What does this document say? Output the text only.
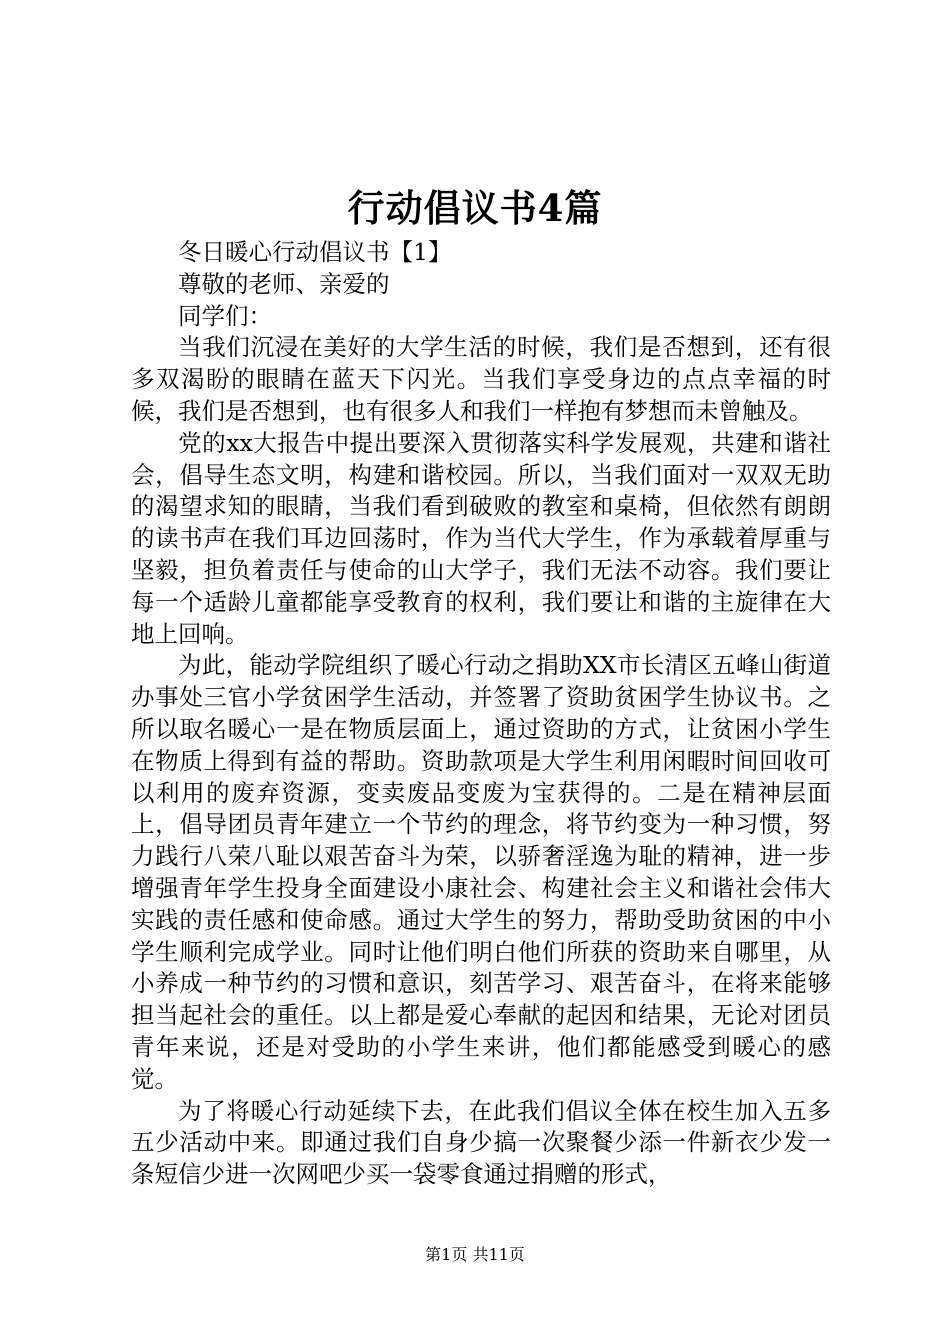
行动倡议书4篇
冬日暖心行动倡议书【1】
尊敬的老师、亲爱的
同学们：
当我们沉浸在美好的大学生活的时候，我们是否想到，还有很多双渴盼的眼睛在蓝天下闪光。当我们享受身边的点点幸福的时候，我们是否想到，也有很多人和我们一样抱有梦想而未曾触及。
党的xx大报告中提出要深入贯彻落实科学发展观，共建和谐社会，倡导生态文明，构建和谐校园。所以，当我们面对一双双无助的渴望求知的眼睛，当我们看到破败的教室和桌椅，但依然有朗朗的读书声在我们耳边回荡时，作为当代大学生，作为承载着厚重与坚毅，担负着责任与使命的山大学子，我们无法不动容。我们要让每一个适龄儿童都能享受教育的权利，我们要让和谐的主旋律在大地上回响。
为此，能动学院组织了暖心行动之捐助XX市长清区五峰山街道办事处三官小学贫困学生活动，并签署了资助贫困学生协议书。之所以取名暖心一是在物质层面上，通过资助的方式，让贫困小学生在物质上得到有益的帮助。资助款项是大学生利用闲暇时间回收可以利用的废弃资源，变卖废品变废为宝获得的。二是在精神层面上，倡导团员青年建立一个节约的理念，将节约变为一种习惯，努力践行八荣八耻以艰苦奋斗为荣，以骄奢淫逸为耻的精神，进一步增强青年学生投身全面建设小康社会、构建社会主义和谐社会伟大实践的责任感和使命感。通过大学生的努力，帮助受助贫困的中小学生顺利完成学业。同时让他们明白他们所获的资助来自哪里，从小养成一种节约的习惯和意识，刻苦学习、艰苦奋斗，在将来能够担当起社会的重任。以上都是爱心奉献的起因和结果，无论对团员青年来说，还是对受助的小学生来讲，他们都能感受到暖心的感觉。
为了将暖心行动延续下去，在此我们倡议全体在校生加入五多五少活动中来。即通过我们自身少搞一次聚餐少添一件新衣少发一条短信少进一次网吧少买一袋零食通过捐赠的形式，
第1页 共11页
